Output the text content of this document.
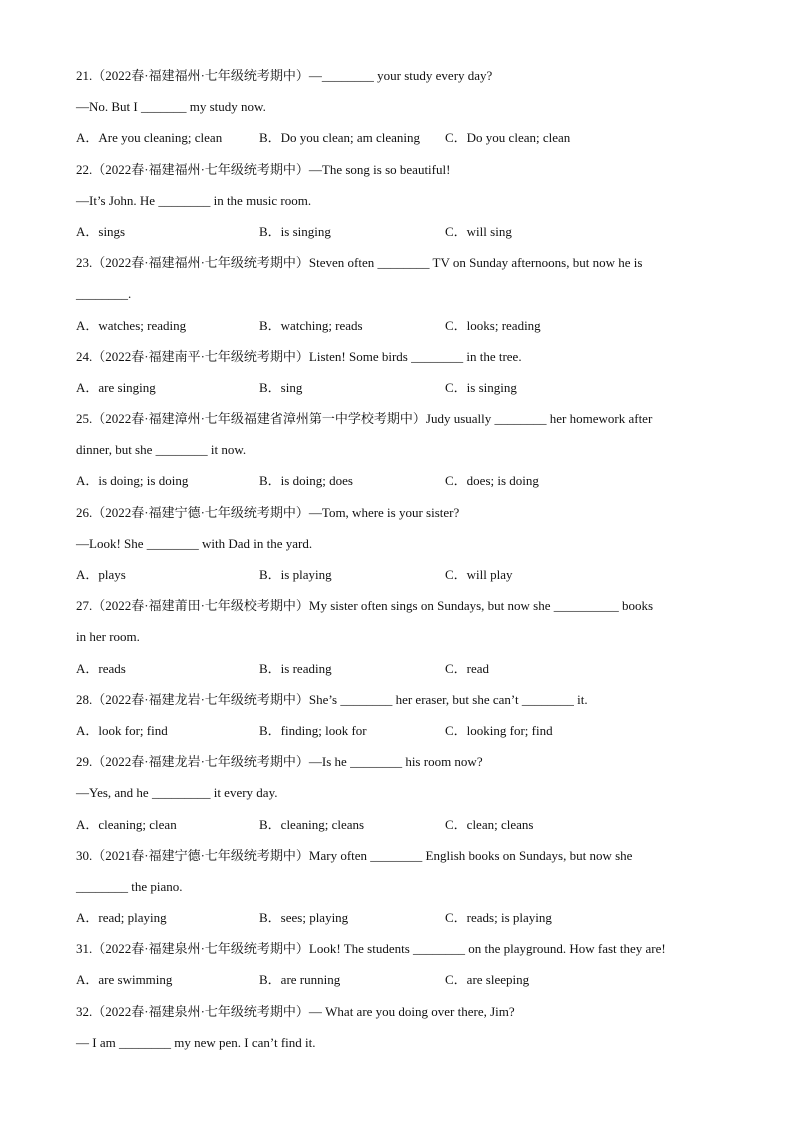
21.（2022春·福建福州·七年级统考期中）—________ your study every day?
—No. But I _______ my study now.
A．Are you cleaning; clean	B．Do you clean; am cleaning	C．Do you clean; clean
22.（2022春·福建福州·七年级统考期中）—The song is so beautiful!
—It’s John. He ________ in the music room.
A．sings	B．is singing	C．will sing
23.（2022春·福建福州·七年级统考期中）Steven often ________ TV on Sunday afternoons, but now he is
________.
A．watches; reading	B．watching; reads	C．looks; reading
24.（2022春·福建南平·七年级统考期中）Listen! Some birds ________ in the tree.
A．are singing	B．sing	C．is singing
25.（2022春·福建漳州·七年级福建省漳州第一中学校考期中）Judy usually ________ her homework after
dinner, but she ________ it now.
A．is doing; is doing	B．is doing; does	C．does; is doing
26.（2022春·福建宁德·七年级统考期中）—Tom, where is your sister?
—Look! She ________ with Dad in the yard.
A．plays	B．is playing	C．will play
27.（2022春·福建莆田·七年级校考期中）My sister often sings on Sundays, but now she __________ books
in her room.
A．reads	B．is reading	C．read
28.（2022春·福建龙岩·七年级统考期中）She’s ________ her eraser, but she can’t ________ it.
A．look for; find	B．finding; look for	C．looking for; find
29.（2022春·福建龙岩·七年级统考期中）—Is he ________ his room now?
—Yes, and he _________ it every day.
A．cleaning; clean	B．cleaning; cleans	C．clean; cleans
30.（2021春·福建宁德·七年级统考期中）Mary often ________ English books on Sundays, but now she
________ the piano.
A．read; playing	B．sees; playing	C．reads; is playing
31.（2022春·福建泉州·七年级统考期中）Look! The students ________ on the playground. How fast they are!
A．are swimming	B．are running	C．are sleeping
32.（2022春·福建泉州·七年级统考期中）— What are you doing over there, Jim?
— I am ________ my new pen. I can’t find it.
